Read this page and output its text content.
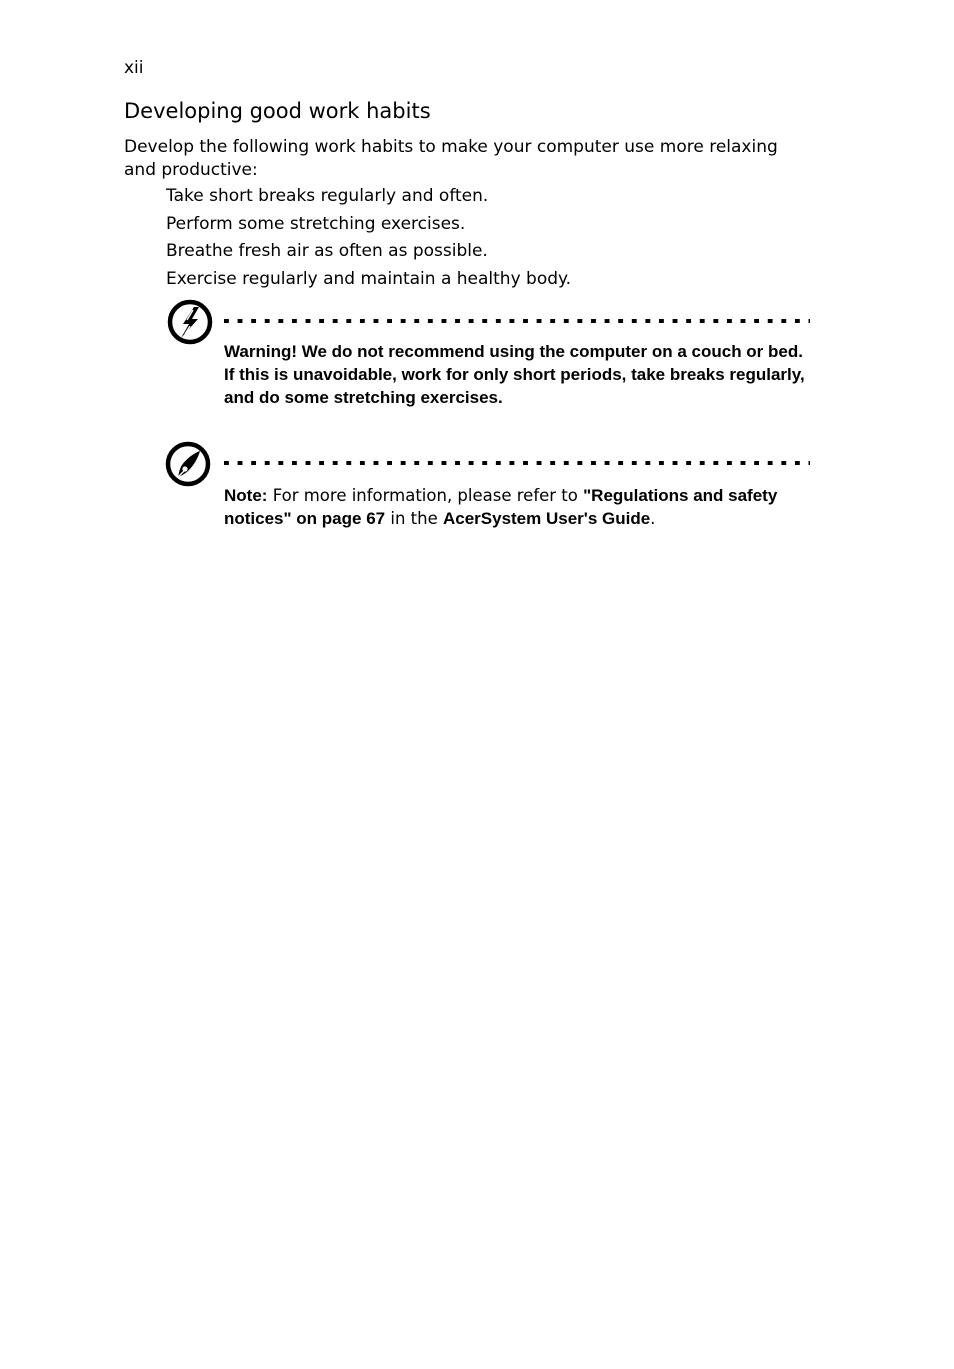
xii
Developing good work habits

Develop the following work habits to make your computer use more relaxing and productive:

Take short breaks regularly and often.
Perform some stretching exercises.
Breathe fresh air as often as possible.
Exercise regularly and maintain a healthy body.

Warning! We do not recommend using the computer on a couch or bed. If this is unavoidable, work for only short periods, take breaks regularly, and do some stretching exercises.

Note: For more information, please refer to "Regulations and safety notices" on page 67 in the AcerSystem User's Guide.
